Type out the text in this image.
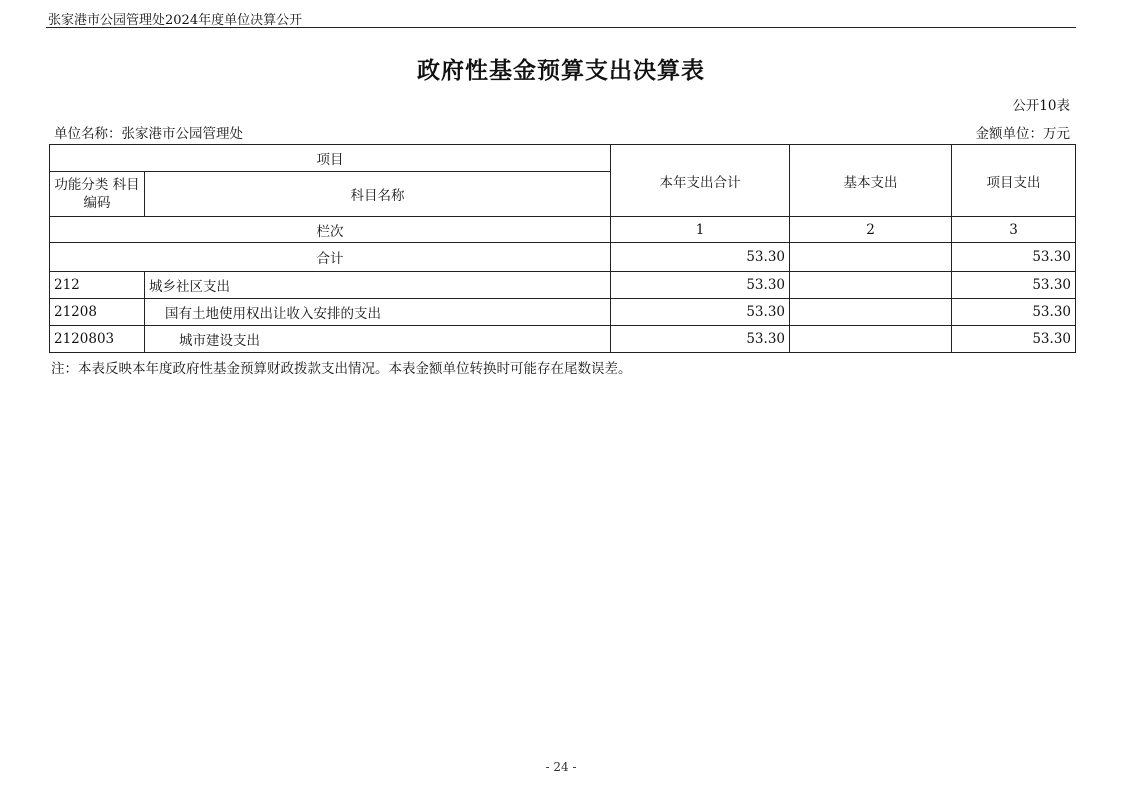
张家港市公园管理处2024年度单位决算公开
政府性基金预算支出决算表
公开10表
单位名称：张家港市公园管理处	金额单位：万元
项目		本年支出合计	基本支出	项目支出
功能分类 科目编码	科目名称			
栏次		1	2	3
合计		53.30		53.30
212	城乡社区支出	53.30		53.30
21208	国有土地使用权出让收入安排的支出	53.30		53.30
2120803	城市建设支出	53.30		53.30
注：本表反映本年度政府性基金预算财政拨款支出情况。本表金额单位转换时可能存在尾数误差。
- 24 -
